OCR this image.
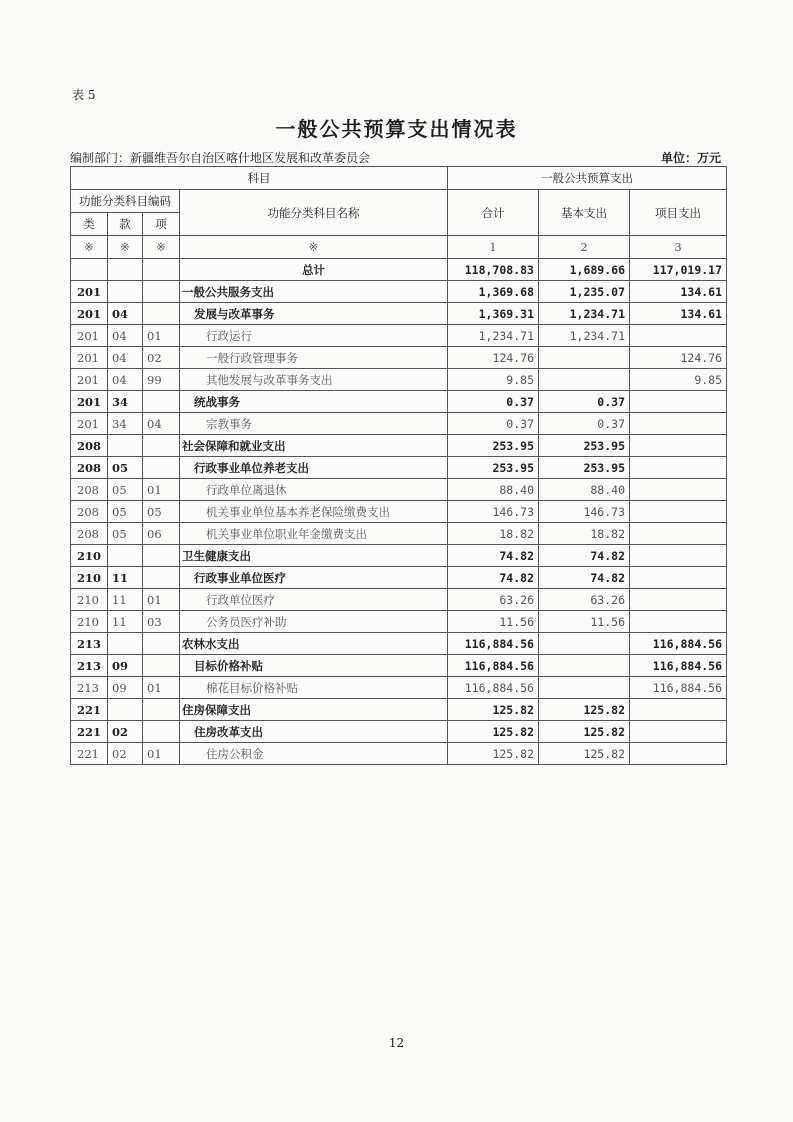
表 5
一般公共预算支出情况表
编制部门：新疆维吾尔自治区喀什地区发展和改革委员会	单位：万元
科目				一般公共预算支出		
功能分类科目编码			功能分类科目名称	合计	基本支出	项目支出
类	款	项				
※	※	※	※	1	2	3
			总计	118,708.83	1,689.66	117,019.17
201			一般公共服务支出	1,369.68	1,235.07	134.61
201	04		发展与改革事务	1,369.31	1,234.71	134.61
201	04	01	行政运行	1,234.71	1,234.71	
201	04	02	一般行政管理事务	124.76		124.76
201	04	99	其他发展与改革事务支出	9.85		9.85
201	34		统战事务	0.37	0.37	
201	34	04	宗教事务	0.37	0.37	
208			社会保障和就业支出	253.95	253.95	
208	05		行政事业单位养老支出	253.95	253.95	
208	05	01	行政单位离退休	88.40	88.40	
208	05	05	机关事业单位基本养老保险缴费支出	146.73	146.73	
208	05	06	机关事业单位职业年金缴费支出	18.82	18.82	
210			卫生健康支出	74.82	74.82	
210	11		行政事业单位医疗	74.82	74.82	
210	11	01	行政单位医疗	63.26	63.26	
210	11	03	公务员医疗补助	11.56	11.56	
213			农林水支出	116,884.56		116,884.56
213	09		目标价格补贴	116,884.56		116,884.56
213	09	01	棉花目标价格补贴	116,884.56		116,884.56
221			住房保障支出	125.82	125.82	
221	02		住房改革支出	125.82	125.82	
221	02	01	住房公积金	125.82	125.82	
12
